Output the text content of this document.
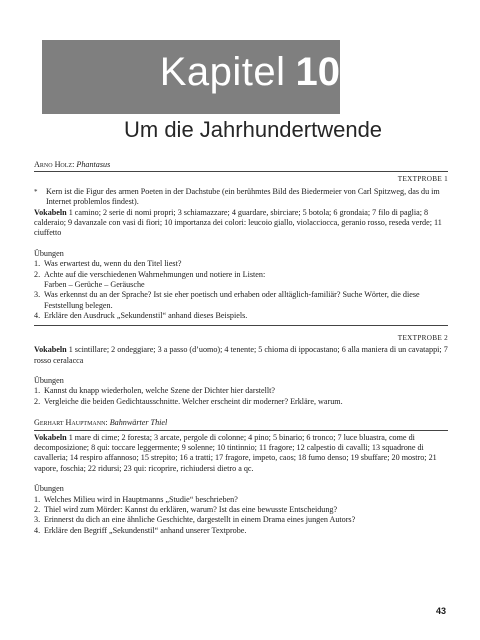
Kapitel 10
Um die Jahrhundertwende
Arno Holz: Phantasus
TEXTPROBE 1
*	Kern ist die Figur des armen Poeten in der Dachstube (ein berühmtes Bild des Biedermeier von Carl Spitzweg, das du im Internet problemlos findest).

Vokabeln 1 camino; 2 serie di nomi propri; 3 schiamazzare; 4 guardare, sbirciare; 5 botola; 6 grondaia; 7 filo di paglia; 8 calderaio; 9 davanzale con vasi di fiori; 10 importanza dei colori: leucoio giallo, violacciocca, geranio rosso, reseda verde; 11 ciuffetto

Übungen

1. Was erwartest du, wenn du den Titel liest?
2. Achte auf die verschiedenen Wahrnehmungen und notiere in Listen:
Farben – Gerüche – Geräusche
3. Was erkennst du an der Sprache? Ist sie eher poetisch und erhaben oder alltäglich-familiär? Suche Wörter, die diese Feststellung belegen.
4. Erkläre den Ausdruck „Sekundenstil“ anhand dieses Beispiels.
TEXTPROBE 2

Vokabeln 1 scintillare; 2 ondeggiare; 3 a passo (d’uomo); 4 tenente; 5 chioma di ippocastano; 6 alla maniera di un cavatappi; 7 rosso ceralacca

Übungen

1. Kannst du knapp wiederholen, welche Szene der Dichter hier darstellt?
2. Vergleiche die beiden Gedichtausschnitte. Welcher erscheint dir moderner? Erkläre, warum.
Gerhart Hauptmann: Bahnwärter Thiel

Vokabeln 1 mare di cime; 2 foresta; 3 arcate, pergole di colonne; 4 pino; 5 binario; 6 tronco; 7 luce bluastra, come di decomposizione; 8 qui: toccare leggermente; 9 solenne; 10 tintinnio; 11 fragore; 12 calpestio di cavalli; 13 squadrone di cavalleria; 14 respiro affannoso; 15 strepito; 16 a tratti; 17 fragore, impeto, caos; 18 fumo denso; 19 sbuffare; 20 mostro; 21 vapore, foschia; 22 ridursi; 23 qui: ricoprire, richiudersi dietro a qc.

Übungen

1. Welches Milieu wird in Hauptmanns „Studie“ beschrieben?
2. Thiel wird zum Mörder: Kannst du erklären, warum? Ist das eine bewusste Entscheidung?
3. Erinnerst du dich an eine ähnliche Geschichte, dargestellt in einem Drama eines jungen Autors?
4. Erkläre den Begriff „Sekundenstil“ anhand unserer Textprobe.
43
